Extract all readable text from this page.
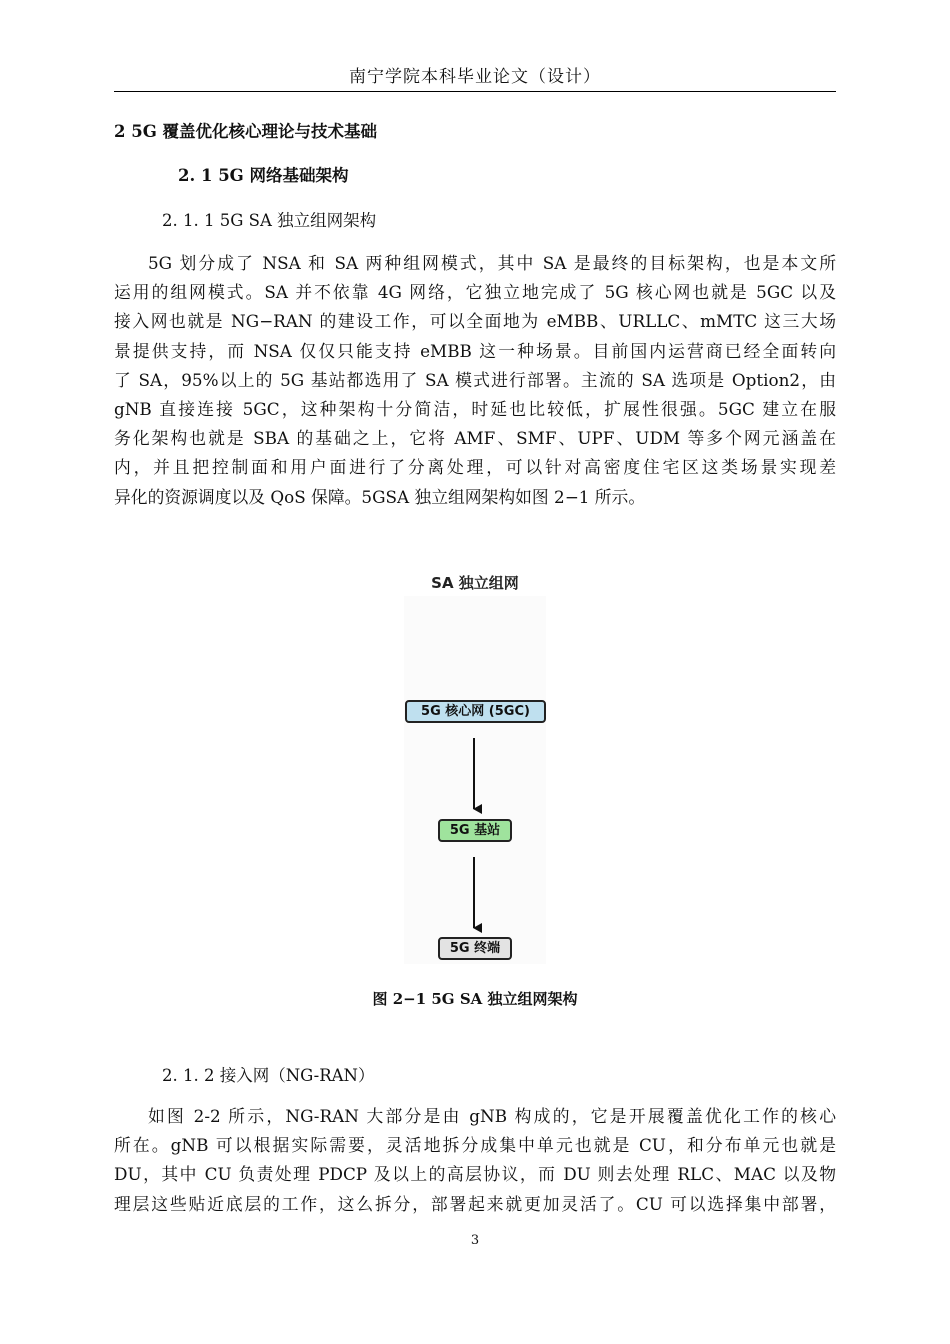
南宁学院本科毕业论文（设计）
2 5G 覆盖优化核心理论与技术基础
2. 1 5G 网络基础架构
2. 1. 1 5G SA 独立组网架构
5G 划分成了 NSA 和 SA 两种组网模式，其中 SA 是最终的目标架构，也是本文所
运用的组网模式。SA 并不依靠 4G 网络，它独立地完成了 5G 核心网也就是 5GC 以及
接入网也就是 NG−RAN 的建设工作，可以全面地为 eMBB、URLLC、mMTC 这三大场
景提供支持，而 NSA 仅仅只能支持 eMBB 这一种场景。目前国内运营商已经全面转向
了 SA，95%以上的 5G 基站都选用了 SA 模式进行部署。主流的 SA 选项是 Option2，由
gNB 直接连接 5GC，这种架构十分简洁，时延也比较低，扩展性很强。5GC 建立在服
务化架构也就是 SBA 的基础之上，它将 AMF、SMF、UPF、UDM 等多个网元涵盖在
内，并且把控制面和用户面进行了分离处理，可以针对高密度住宅区这类场景实现差
异化的资源调度以及 QoS 保障。5GSA 独立组网架构如图 2−1 所示。
SA 独立组网
5G 核心网 (5GC)
5G 基站
5G 终端
图 2−1 5G SA 独立组网架构
2. 1. 2 接入网（NG-RAN）
如图 2-2 所示，NG-RAN 大部分是由 gNB 构成的，它是开展覆盖优化工作的核心
所在。gNB 可以根据实际需要，灵活地拆分成集中单元也就是 CU，和分布单元也就是
DU，其中 CU 负责处理 PDCP 及以上的高层协议，而 DU 则去处理 RLC、MAC 以及物
理层这些贴近底层的工作，这么拆分，部署起来就更加灵活了。CU 可以选择集中部署，
3
